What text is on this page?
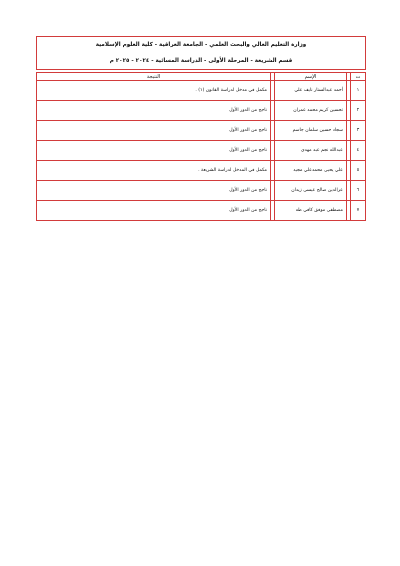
وزارة التعليم العالي والبحث العلمي - الجامعة العراقية - كلية العلوم الإسلامية
قسم الشريعة - المرحلة الأولى - الدراسة المسائية - ٢٠٢٤ - ٢٠٢٥ م
ت		الإسم		النتيجة
١		أحمد عبدالستار نايف علي		مكمل في مدخل لدراسة القانون (١) .
٢		تحسين كريم محمد عمران		ناجح من الدور الأول
٣		سجاد حسين سلمان جاسم		ناجح من الدور الأول
٤		عبدالله نجم عبد مهدي		ناجح من الدور الأول
٥		علي يحيى محمدعلي مجيد		مكمل في المدخل لدراسة الشريعة .
٦		عزالدين صالح عيسى زيدان		ناجح من الدور الأول
٧		مصطفى موفق كافي طه		ناجح من الدور الأول
